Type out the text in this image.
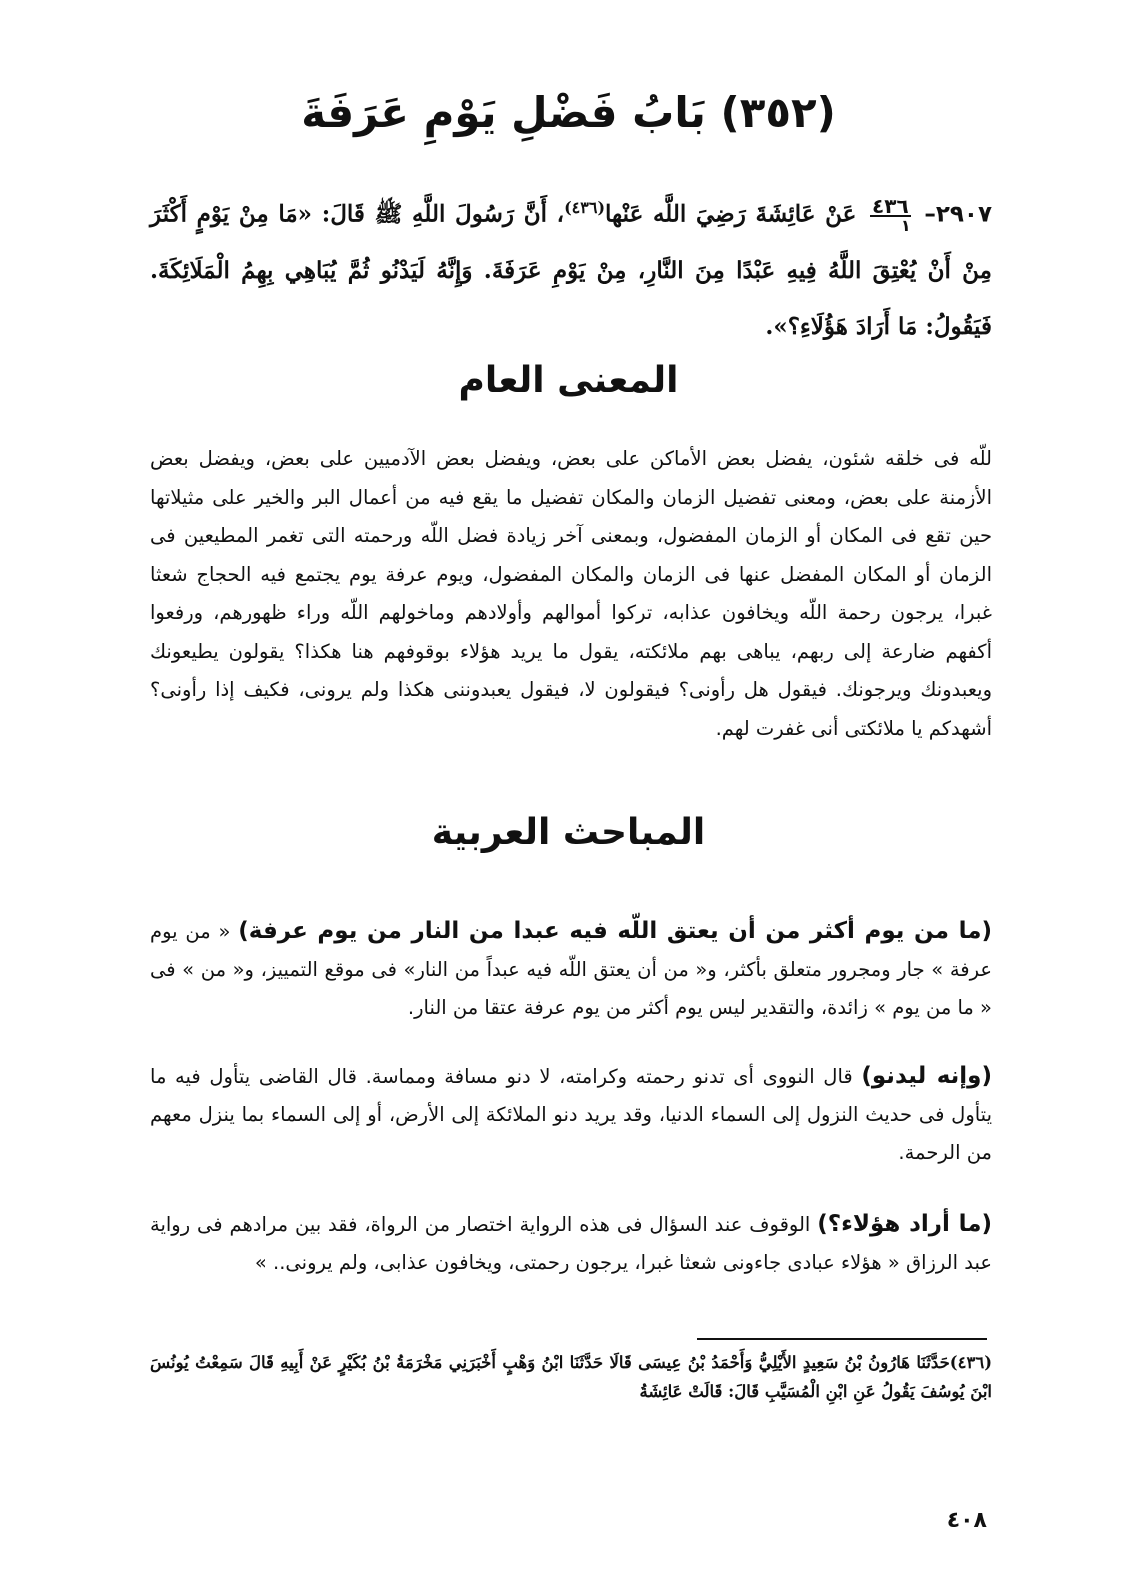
(٣٥٢) بَابُ فَضْلِ يَوْمِ عَرَفَةَ
٢٩٠٧–
$\frac{٤٣٦}{١}$
عَنْ عَائِشَةَ رَضِيَ اللَّه عَنْها$^{(٤٣٦)}$، أَنَّ رَسُولَ اللَّهِ ﷺ قَالَ: «مَا مِنْ يَوْمٍ أَكْثَرَ مِنْ أَنْ يُعْتِقَ اللَّهُ فِيهِ عَبْدًا مِنَ النَّارِ، مِنْ يَوْمِ عَرَفَةَ. وَإِنَّهُ لَيَدْنُو ثُمَّ يُبَاهِي بِهِمُ الْمَلَائِكَةَ. فَيَقُولُ: مَا أَرَادَ هَؤُلَاءِ؟».
المعنى العام
للّه فى خلقه شئون، يفضل بعض الأماكن على بعض، ويفضل بعض الآدميين على بعض، ويفضل بعض الأزمنة على بعض، ومعنى تفضيل الزمان والمكان تفضيل ما يقع فيه من أعمال البر والخير على مثيلاتها حين تقع فى المكان أو الزمان المفضول، وبمعنى آخر زيادة فضل اللّه ورحمته التى تغمر المطيعين فى الزمان أو المكان المفضل عنها فى الزمان والمكان المفضول، ويوم عرفة يوم يجتمع فيه الحجاج شعثا غبرا، يرجون رحمة اللّه ويخافون عذابه، تركوا أموالهم وأولادهم وماخولهم اللّه وراء ظهورهم، ورفعوا أكفهم ضارعة إلى ربهم، يباهى بهم ملائكته، يقول ما يريد هؤلاء بوقوفهم هنا هكذا؟ يقولون يطيعونك ويعبدونك ويرجونك. فيقول هل رأونى؟ فيقولون لا، فيقول يعبدوننى هكذا ولم يرونى، فكيف إذا رأونى؟ أشهدكم يا ملائكتى أنى غفرت لهم.
المباحث العربية
(ما من يوم أكثر من أن يعتق اللّه فيه عبدا من النار من يوم عرفة) « من يوم عرفة » جار ومجرور متعلق بأكثر، و« من أن يعتق اللّه فيه عبداً من النار» فى موقع التمييز، و« من » فى « ما من يوم » زائدة، والتقدير ليس يوم أكثر من يوم عرفة عتقا من النار.
(وإنه ليدنو) قال النووى أى تدنو رحمته وكرامته، لا دنو مسافة ومماسة. قال القاضى يتأول فيه ما يتأول فى حديث النزول إلى السماء الدنيا، وقد يريد دنو الملائكة إلى الأرض، أو إلى السماء بما ينزل معهم من الرحمة.
(ما أراد هؤلاء؟) الوقوف عند السؤال فى هذه الرواية اختصار من الرواة، فقد بين مرادهم فى رواية عبد الرزاق « هؤلاء عبادى جاءونى شعثا غبرا، يرجون رحمتى، ويخافون عذابى، ولم يرونى.. »
(٤٣٦)حَدَّثَنَا هَارُونُ بْنُ سَعِيدٍ الأَيْلِيُّ وَأَحْمَدُ بْنُ عِيسَى قَالَا حَدَّثَنَا ابْنُ وَهْبٍ أَخْبَرَنِي مَخْرَمَةُ بْنُ بُكَيْرٍ عَنْ أَبِيهِ قَالَ سَمِعْتُ يُونُسَ ابْنَ يُوسُفَ يَقُولُ عَنِ ابْنِ الْمُسَيَّبِ قَالَ: قَالَتْ عَائِشَةُ
٤٠٨
